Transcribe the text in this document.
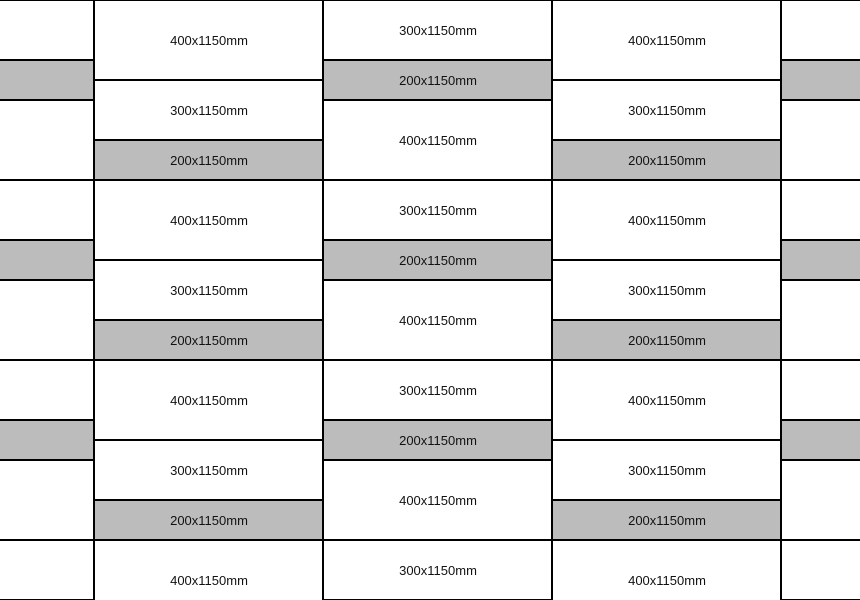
400x1150mm
300x1150mm
200x1150mm
300x1150mm
200x1150mm
400x1150mm
400x1150mm
300x1150mm
200x1150mm
400x1150mm
300x1150mm
200x1150mm
300x1150mm
200x1150mm
400x1150mm
400x1150mm
300x1150mm
200x1150mm
400x1150mm
300x1150mm
200x1150mm
300x1150mm
200x1150mm
400x1150mm
400x1150mm
300x1150mm
200x1150mm
400x1150mm
300x1150mm
400x1150mm
